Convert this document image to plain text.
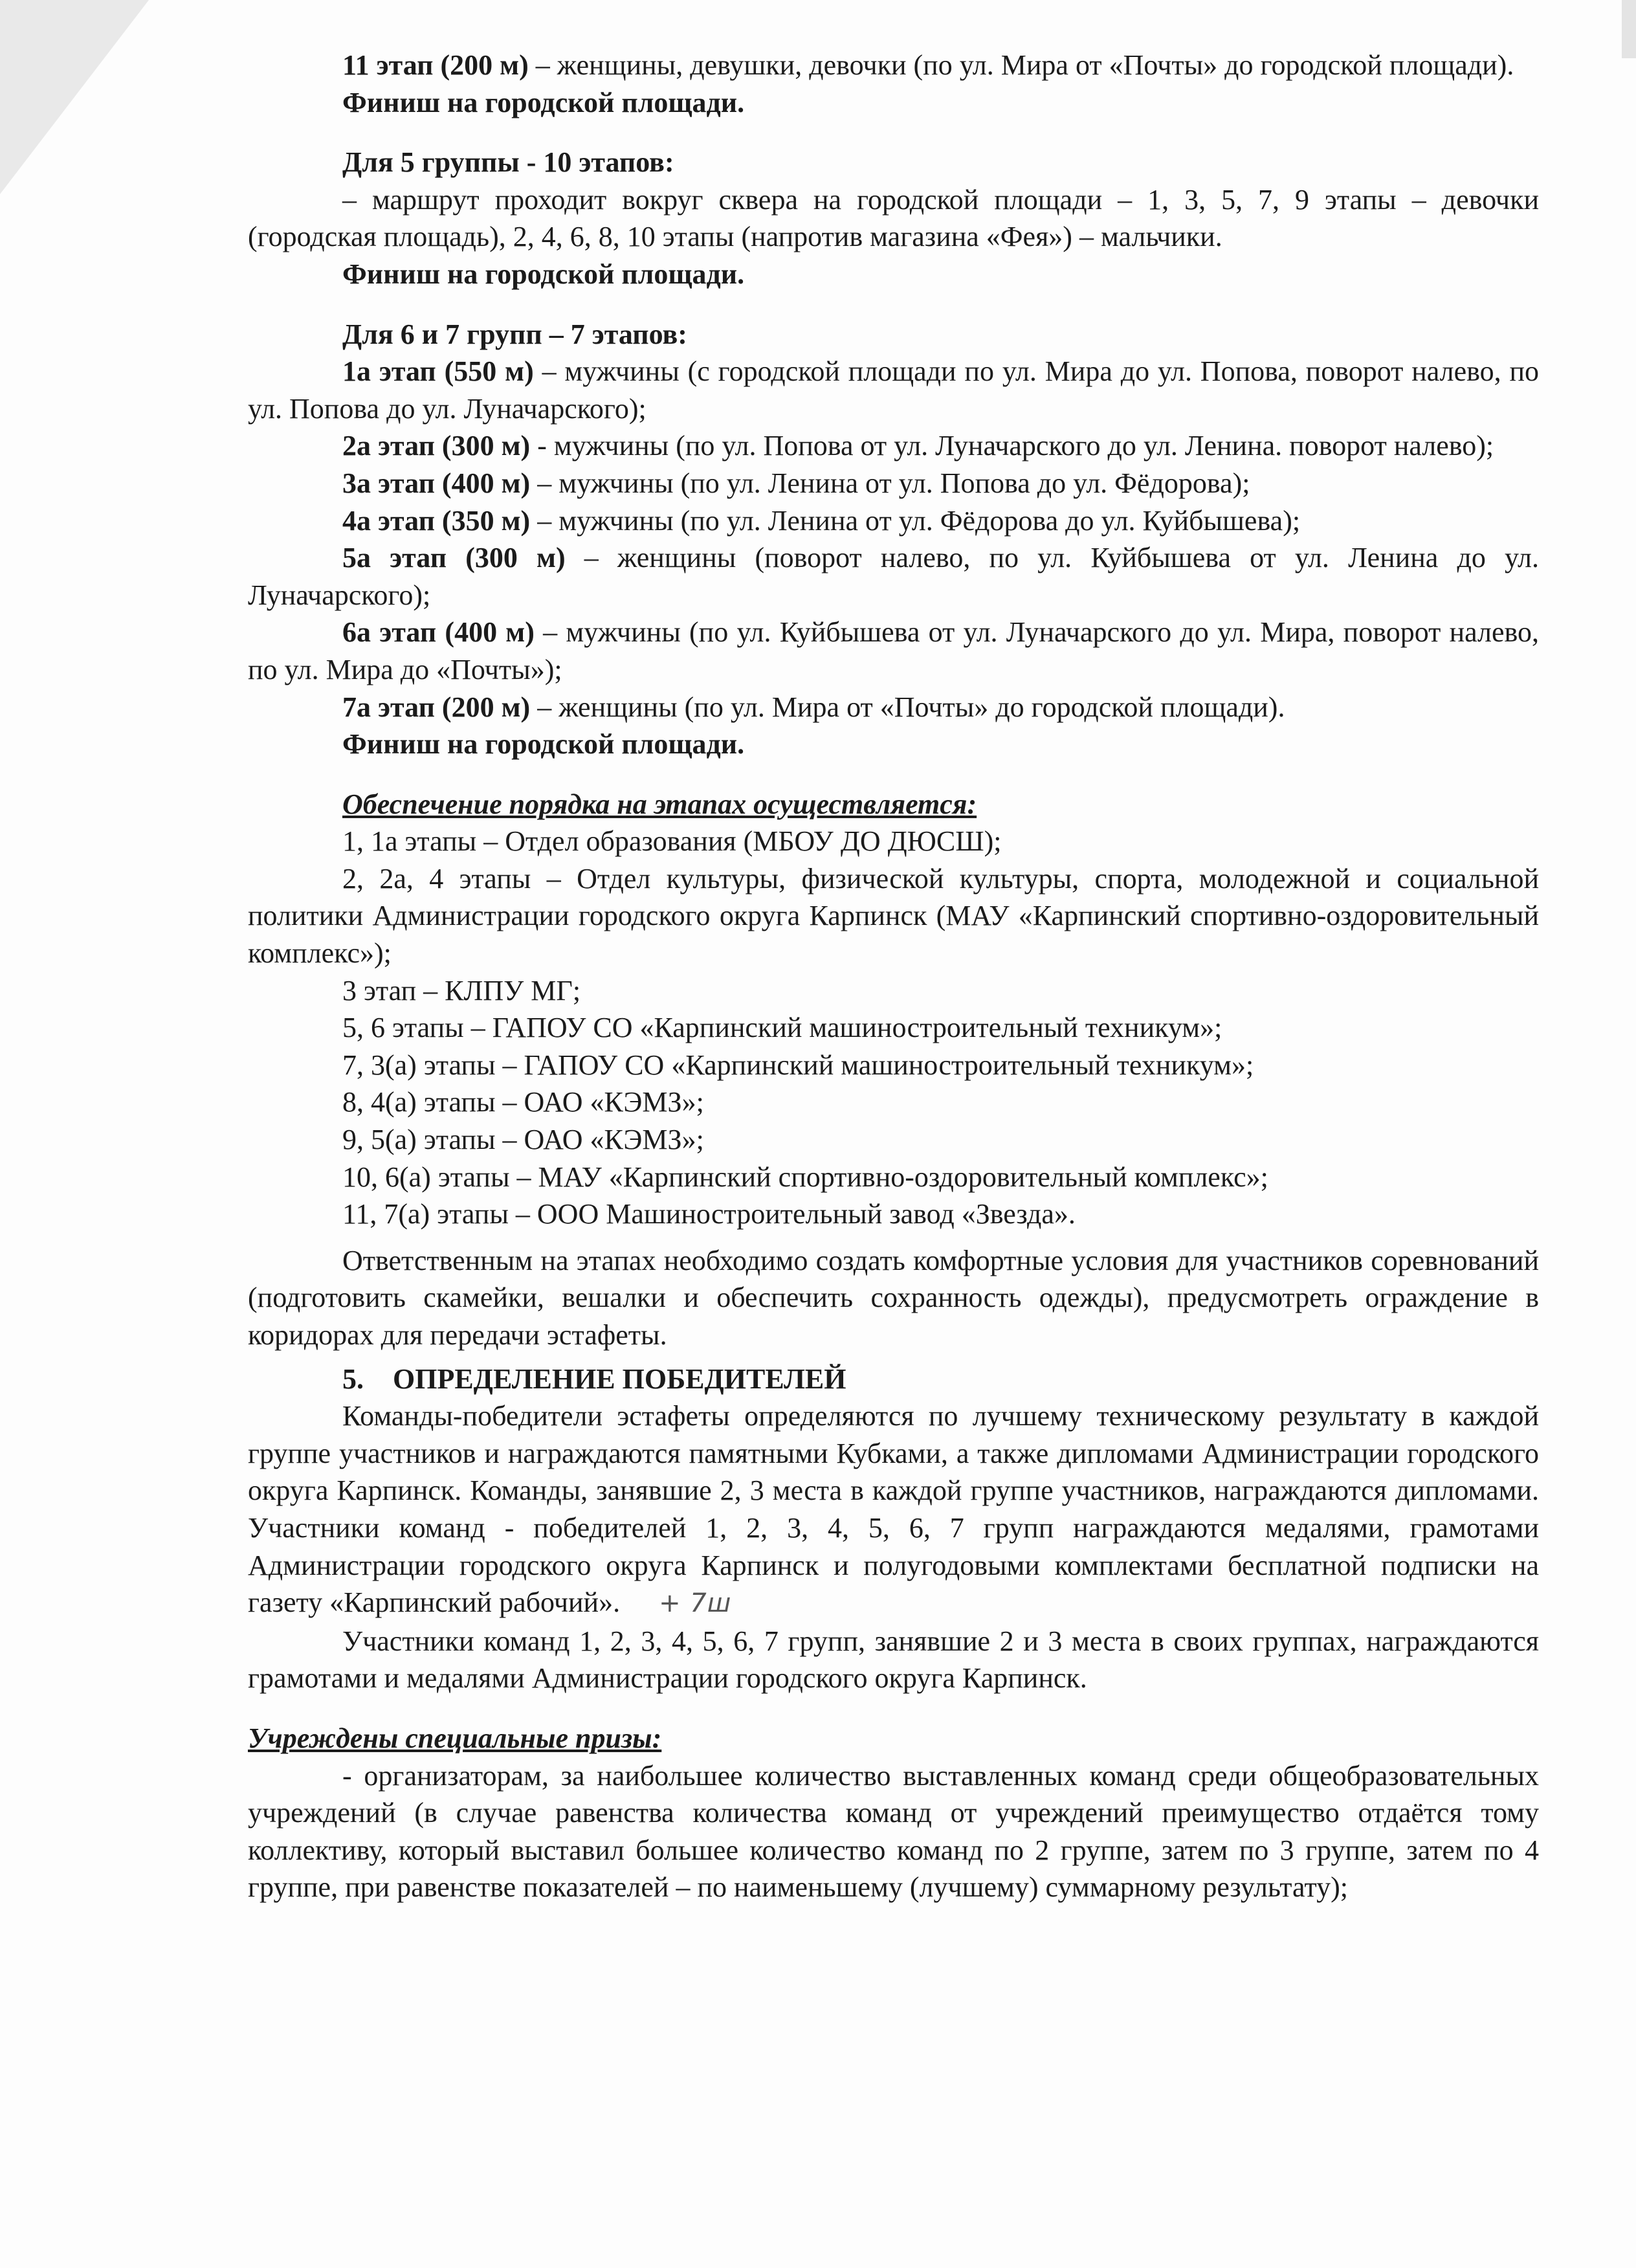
11 этап (200 м) – женщины, девушки, девочки (по ул. Мира от «Почты» до городской площади).

Финиш на городской площади.

Для 5 группы - 10 этапов:

– маршрут проходит вокруг сквера на городской площади – 1, 3, 5, 7, 9 этапы – девочки (городская площадь), 2, 4, 6, 8, 10 этапы (напротив магазина «Фея») – мальчики.

Финиш на городской площади.

Для 6 и 7 групп – 7 этапов:

1а этап (550 м) – мужчины (с городской площади по ул. Мира до ул. Попова, поворот налево, по ул. Попова до ул. Луначарского);

2а этап (300 м) - мужчины (по ул. Попова от ул. Луначарского до ул. Ленина. поворот налево);

3а этап (400 м) – мужчины (по ул. Ленина от ул. Попова до ул. Фёдорова);

4а этап (350 м) – мужчины (по ул. Ленина от ул. Фёдорова до ул. Куйбышева);

5а этап (300 м) – женщины (поворот налево, по ул. Куйбышева от ул. Ленина до ул. Луначарского);

6а этап (400 м) – мужчины (по ул. Куйбышева от ул. Луначарского до ул. Мира, поворот налево, по ул. Мира до «Почты»);

7а этап (200 м) – женщины (по ул. Мира от «Почты» до городской площади).

Финиш на городской площади.

Обеспечение порядка на этапах осуществляется:

1, 1а этапы – Отдел образования (МБОУ ДО ДЮСШ);

2, 2а, 4 этапы – Отдел культуры, физической культуры, спорта, молодежной и социальной политики Администрации городского округа Карпинск (МАУ «Карпинский спортивно-оздоровительный комплекс»);

3 этап – КЛПУ МГ;

5, 6 этапы – ГАПОУ СО «Карпинский машиностроительный техникум»;

7, 3(а) этапы – ГАПОУ СО «Карпинский машиностроительный техникум»;

8, 4(а) этапы – ОАО «КЭМЗ»;

9, 5(а) этапы – ОАО «КЭМЗ»;

10, 6(а) этапы – МАУ «Карпинский спортивно-оздоровительный комплекс»;

11, 7(а) этапы – ООО Машиностроительный завод «Звезда».

Ответственным на этапах необходимо создать комфортные условия для участников соревнований (подготовить скамейки, вешалки и обеспечить сохранность одежды), предусмотреть ограждение в коридорах для передачи эстафеты.

5. ОПРЕДЕЛЕНИЕ ПОБЕДИТЕЛЕЙ

Команды-победители эстафеты определяются по лучшему техническому результату в каждой группе участников и награждаются памятными Кубками, а также дипломами Администрации городского округа Карпинск. Команды, занявшие 2, 3 места в каждой группе участников, награждаются дипломами. Участники команд - победителей 1, 2, 3, 4, 5, 6, 7 групп награждаются медалями, грамотами Администрации городского округа Карпинск и полугодовыми комплектами бесплатной подписки на газету «Карпинский рабочий». + 7ш

Участники команд 1, 2, 3, 4, 5, 6, 7 групп, занявшие 2 и 3 места в своих группах, награждаются грамотами и медалями Администрации городского округа Карпинск.

Учреждены специальные призы:

- организаторам, за наибольшее количество выставленных команд среди общеобразовательных учреждений (в случае равенства количества команд от учреждений преимущество отдаётся тому коллективу, который выставил большее количество команд по 2 группе, затем по 3 группе, затем по 4 группе, при равенстве показателей – по наименьшему (лучшему) суммарному результату);
